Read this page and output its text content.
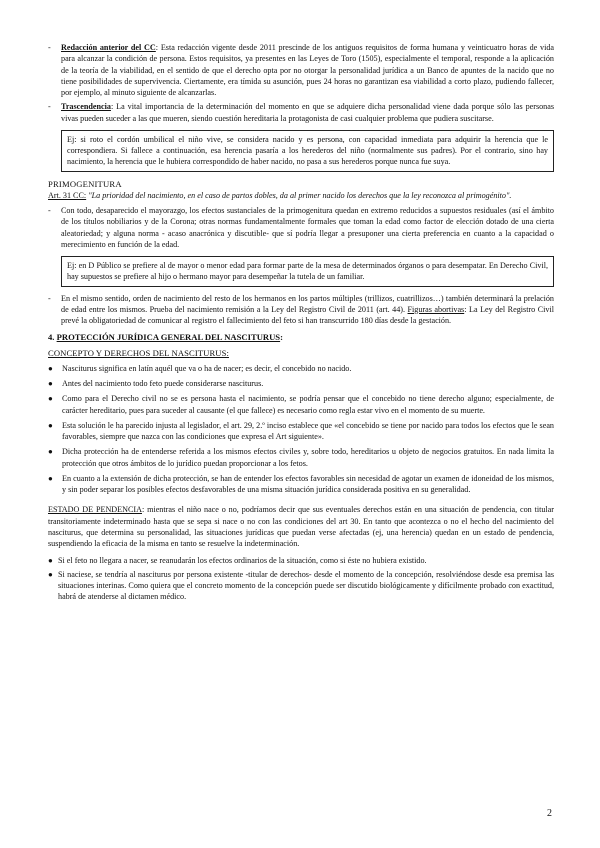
-	Redacción anterior del CC: Esta redacción vigente desde 2011 prescinde de los antiguos requisitos de forma humana y veinticuatro horas de vida para alcanzar la condición de persona. Estos requisitos, ya presentes en las Leyes de Toro (1505), especialmente el temporal, responde a la aplicación de la teoría de la viabilidad, en el sentido de que el derecho opta por no otorgar la personalidad jurídica a un Banco de apuntes de la nacido que no tiene posibilidades de supervivencia. Ciertamente, era tímida su asunción, pues 24 horas no garantizan esa viabilidad a corto plazo, pudiendo fallecer, por ejemplo, al minuto siguiente de alcanzarlas.
-	Trascendencia: La vital importancia de la determinación del momento en que se adquiere dicha personalidad viene dada porque sólo las personas vivas pueden suceder a las que mueren, siendo cuestión hereditaria la protagonista de casi cualquier problema que pudiera suscitarse.
Ej: si roto el cordón umbilical el niño vive, se considera nacido y es persona, con capacidad inmediata para adquirir la herencia que le correspondiera. Si fallece a continuación, esa herencia pasaría a los herederos del niño (normalmente sus padres). Por el contrario, sino hay nacimiento, la herencia que le hubiera correspondido de haber nacido, no pasa a sus herederos porque nunca fue suya.
PRIMOGENITURA

Art. 31 CC: "La prioridad del nacimiento, en el caso de partos dobles, da al primer nacido los derechos que la ley reconozca al primogénito".

-	Con todo, desaparecido el mayorazgo, los efectos sustanciales de la primogenitura quedan en extremo reducidos a supuestos residuales (así el ámbito de los títulos nobiliarios y de la Corona; otras normas fundamentalmente formales que toman la edad como factor de elección dotado de una cierta aleatoriedad; y alguna norma - acaso anacrónica y discutible- que sí podría llegar a presuponer una cierta preferencia en cuanto a la capacidad o merecimiento en función de la edad.
Ej: en D Público se prefiere al de mayor o menor edad para formar parte de la mesa de determinados órganos o para desempatar. En Derecho Civil, hay supuestos se prefiere al hijo o hermano mayor para desempeñar la tutela de un familiar.
-	En el mismo sentido, orden de nacimiento del resto de los hermanos en los partos múltiples (trillizos, cuatrillizos…) también determinará la prelación de edad entre los mismos. Prueba del nacimiento remisión a la Ley del Registro Civil de 2011 (art. 44). Figuras abortivas: La Ley del Registro Civil prevé la obligatoriedad de comunicar al registro el fallecimiento del feto si han transcurrido 180 días desde la gestación.
4. PROTECCIÓN JURÍDICA GENERAL DEL NASCITURUS:
CONCEPTO Y DERECHOS DEL NASCITURUS:
●	Nasciturus significa en latín aquél que va o ha de nacer; es decir, el concebido no nacido.
●	Antes del nacimiento todo feto puede considerarse nasciturus.
●	Como para el Derecho civil no se es persona hasta el nacimiento, se podría pensar que el concebido no tiene derecho alguno; especialmente, de carácter hereditario, pues para suceder al causante (el que fallece) es necesario como regla estar vivo en el momento de su muerte.
●	Esta solución le ha parecido injusta al legislador, el art. 29, 2.º inciso establece que «el concebido se tiene por nacido para todos los efectos que le sean favorables, siempre que nazca con las condiciones que expresa el Art siguiente».
●	Dicha protección ha de entenderse referida a los mismos efectos civiles y, sobre todo, hereditarios u objeto de negocios gratuitos. En nada limita la protección que otros ámbitos de lo jurídico puedan proporcionar a los fetos.
●	En cuanto a la extensión de dicha protección, se han de entender los efectos favorables sin necesidad de agotar un examen de idoneidad de los mismos, y sin poder separar los posibles efectos desfavorables de una misma situación jurídica considerada positiva en su generalidad.

ESTADO DE PENDENCIA: mientras el niño nace o no, podríamos decir que sus eventuales derechos están en una situación de pendencia, con titular transitoriamente indeterminado hasta que se sepa si nace o no con las condiciones del art 30. En tanto que acontezca o no el hecho del nacimiento del nasciturus, que determina su personalidad, las situaciones jurídicas que puedan verse afectadas (ej, una herencia) quedan en un estado de pendencia, suspendiendo la eficacia de la misma en tanto se resuelve la indeterminación.

● Si el feto no llegara a nacer, se reanudarán los efectos ordinarios de la situación, como si éste no hubiera existido.
● Si naciese, se tendría al nasciturus por persona existente -titular de derechos- desde el momento de la concepción, resolviéndose desde esa premisa las situaciones interinas. Como quiera que el concreto momento de la concepción puede ser discutido biológicamente y difícilmente probado con exactitud, habrá de atenderse al dictamen médico.
2
